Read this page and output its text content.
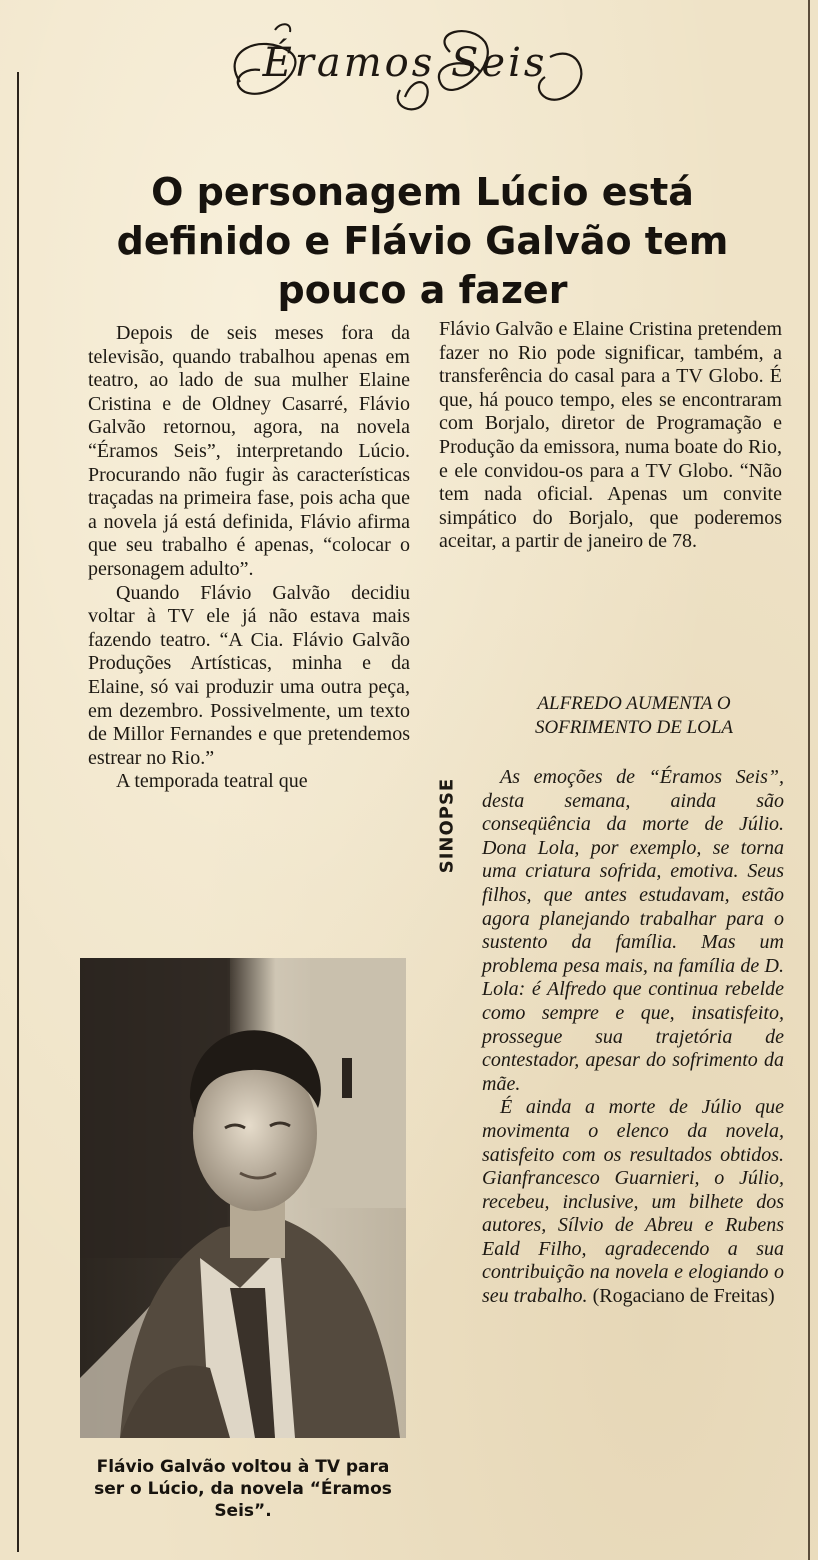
Éramos Seis
O personagem Lúcio está definido e Flávio Galvão tem pouco a fazer

Depois de seis meses fora da televisão, quando trabalhou apenas em teatro, ao lado de sua mulher Elaine Cristina e de Oldney Casarré, Flávio Galvão retornou, agora, na novela “Éramos Seis”, interpretando Lúcio. Procurando não fugir às características traçadas na primeira fase, pois acha que a novela já está definida, Flávio afirma que seu trabalho é apenas, “colocar o personagem adulto”.

Quando Flávio Galvão decidiu voltar à TV ele já não estava mais fazendo teatro. “A Cia. Flávio Galvão Produções Artísticas, minha e da Elaine, só vai produzir uma outra peça, em dezembro. Possivelmente, um texto de Millor Fernandes e que pretendemos estrear no Rio.”

A temporada teatral que

Flávio Galvão e Elaine Cristina pretendem fazer no Rio pode significar, também, a transferência do casal para a TV Globo. É que, há pouco tempo, eles se encontraram com Borjalo, diretor de Programação e Produção da emissora, numa boate do Rio, e ele convidou-os para a TV Globo. “Não tem nada oficial. Apenas um convite simpático do Borjalo, que poderemos aceitar, a partir de janeiro de 78.

ALFREDO AUMENTA O SOFRIMENTO DE LOLA
SINOPSE

As emoções de “Éramos Seis”, desta semana, ainda são conseqüência da morte de Júlio. Dona Lola, por exemplo, se torna uma criatura sofrida, emotiva. Seus filhos, que antes estudavam, estão agora planejando trabalhar para o sustento da família. Mas um problema pesa mais, na família de D. Lola: é Alfredo que continua rebelde como sempre e que, insatisfeito, prossegue sua trajetória de contestador, apesar do sofrimento da mãe.

É ainda a morte de Júlio que movimenta o elenco da novela, satisfeito com os resultados obtidos. Gianfrancesco Guarnieri, o Júlio, recebeu, inclusive, um bilhete dos autores, Sílvio de Abreu e Rubens Eald Filho, agradecendo a sua contribuição na novela e elogiando o seu trabalho. (Rogaciano de Freitas)

Flávio Galvão voltou à TV para ser o Lúcio, da novela “Éramos Seis”.
